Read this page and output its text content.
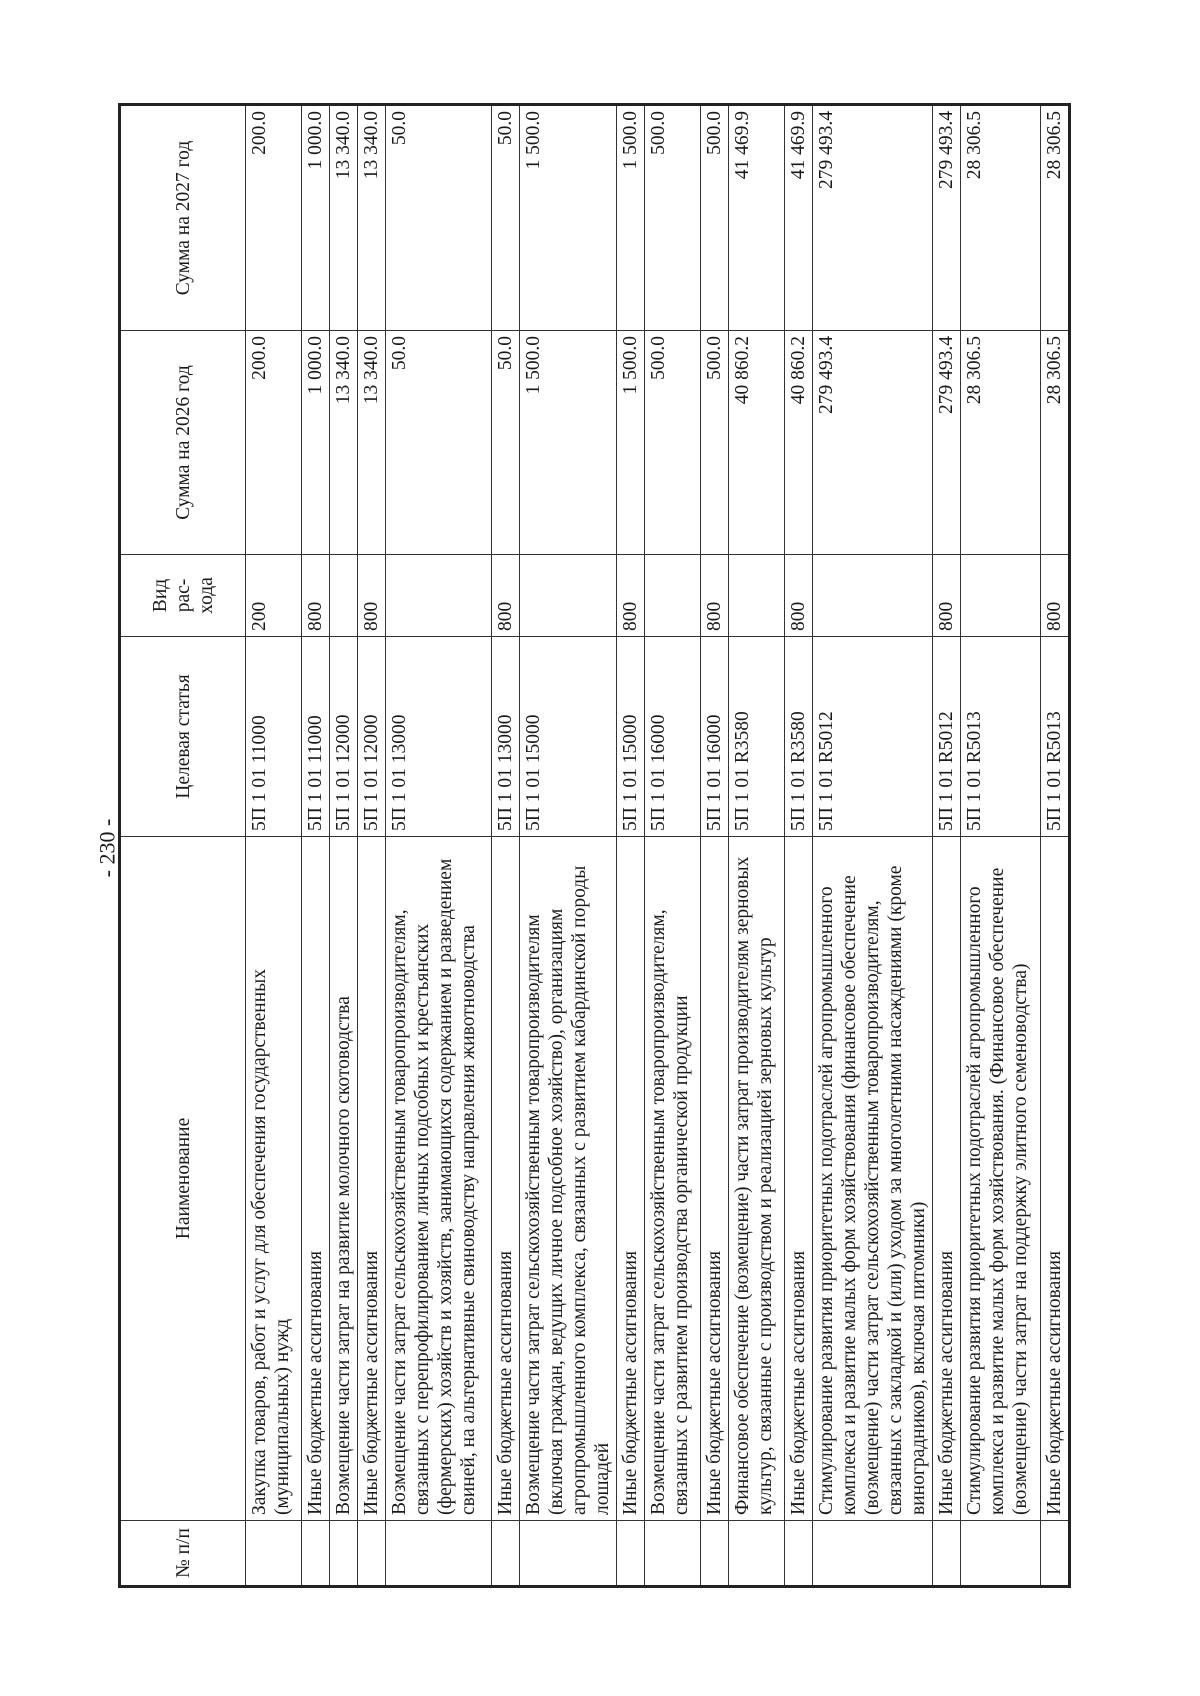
- 230 -
№ п/п	Наименование	Целевая статья	Вид рас- хода	Сумма на 2026 год	Сумма на 2027 год
	Закупка товаров, работ и услуг для обеспечения государственных (муниципальных) нужд	5П 1 01 11000	200	200.0	200.0
	Иные бюджетные ассигнования	5П 1 01 11000	800	1 000.0	1 000.0
	Возмещение части затрат на развитие молочного скотоводства	5П 1 01 12000		13 340.0	13 340.0
	Иные бюджетные ассигнования	5П 1 01 12000	800	13 340.0	13 340.0
	Возмещение части затрат сельскохозяйственным товаропроизводителям, связанных с перепрофилированием личных подсобных и крестьянских (фермерских) хозяйств и хозяйств, занимающихся содержанием и разведением свиней, на альтернативные свиноводству направления животноводства	5П 1 01 13000		50.0	50.0
	Иные бюджетные ассигнования	5П 1 01 13000	800	50.0	50.0
	Возмещение части затрат сельскохозяйственным товаропроизводителям (включая граждан, ведущих личное подсобное хозяйство), организациям агропромышленного комплекса, связанных с развитием кабардинской породы лошадей	5П 1 01 15000		1 500.0	1 500.0
	Иные бюджетные ассигнования	5П 1 01 15000	800	1 500.0	1 500.0
	Возмещение части затрат сельскохозяйственным товаропроизводителям, связанных с развитием производства органической продукции	5П 1 01 16000		500.0	500.0
	Иные бюджетные ассигнования	5П 1 01 16000	800	500.0	500.0
	Финансовое обеспечение (возмещение) части затрат производителям зерновых культур, связанные с производством и реализацией зерновых культур	5П 1 01 R3580		40 860.2	41 469.9
	Иные бюджетные ассигнования	5П 1 01 R3580	800	40 860.2	41 469.9
	Стимулирование развития приоритетных подотраслей агропромышленного комплекса и развитие малых форм хозяйствования (финансовое обеспечение (возмещение) части затрат сельскохозяйственным товаропроизводителям, связанных с закладкой и (или) уходом за многолетними насаждениями (кроме виноградников), включая питомники)	5П 1 01 R5012		279 493.4	279 493.4
	Иные бюджетные ассигнования	5П 1 01 R5012	800	279 493.4	279 493.4
	Стимулирование развития приоритетных подотраслей агропромышленного комплекса и развитие малых форм хозяйствования. (Финансовое обеспечение (возмещение) части затрат на поддержку элитного семеноводства)	5П 1 01 R5013		28 306.5	28 306.5
	Иные бюджетные ассигнования	5П 1 01 R5013	800	28 306.5	28 306.5
